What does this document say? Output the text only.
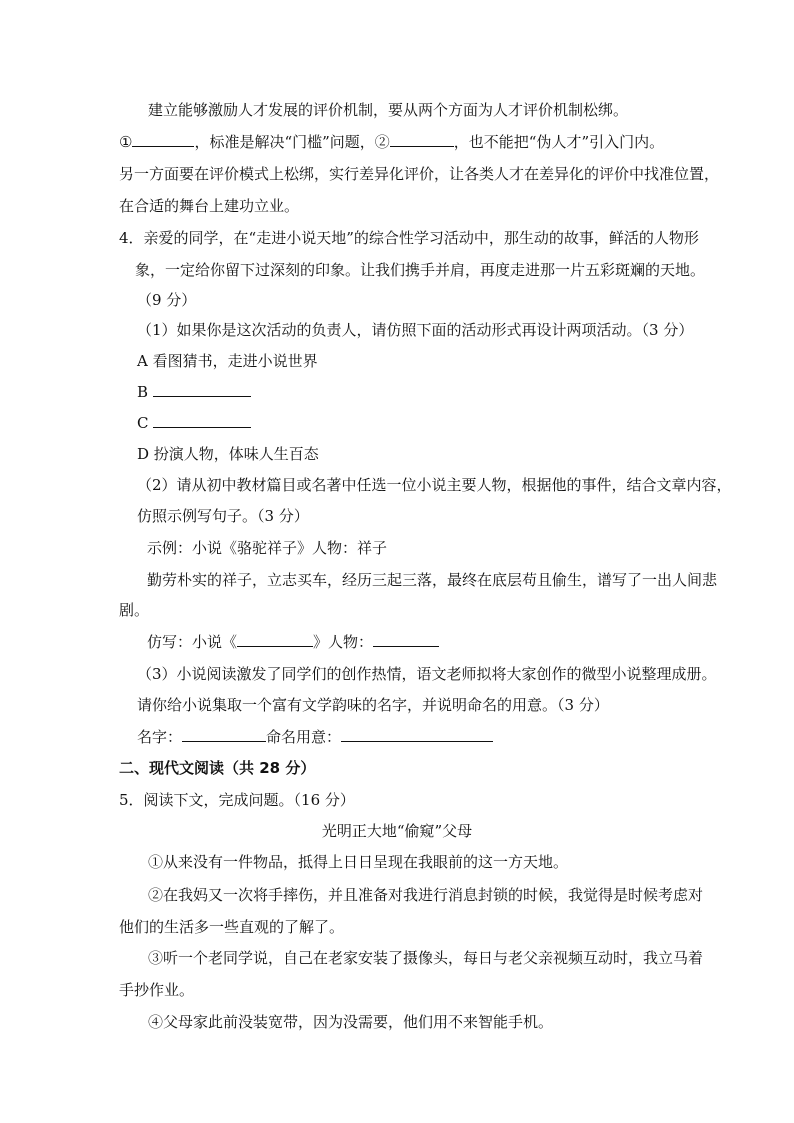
建立能够激励人才发展的评价机制，要从两个方面为人才评价机制松绑。
①	，标准是解决“门槛”问题，②	，也不能把“伪人才”引入门内。
另一方面要在评价模式上松绑，实行差异化评价，让各类人才在差异化的评价中找准位置，
在合适的舞台上建功立业。
4．亲爱的同学，在“走进小说天地”的综合性学习活动中，那生动的故事，鲜活的人物形
象，一定给你留下过深刻的印象。让我们携手并肩，再度走进那一片五彩斑斓的天地。
（9 分）
（1）如果你是这次活动的负责人，请仿照下面的活动形式再设计两项活动。（3 分）
A 看图猜书，走进小说世界
B
C
D 扮演人物，体味人生百态
（2）请从初中教材篇目或名著中任选一位小说主要人物，根据他的事件，结合文章内容，
仿照示例写句子。（3 分）
示例：小说《骆驼祥子》人物：祥子
勤劳朴实的祥子，立志买车，经历三起三落，最终在底层苟且偷生，谱写了一出人间悲
剧。
仿写：小说《	》人物：
（3）小说阅读激发了同学们的创作热情，语文老师拟将大家创作的微型小说整理成册。
请你给小说集取一个富有文学韵味的名字，并说明命名的用意。（3 分）
名字：	命名用意：
二、现代文阅读（共 28 分）
5．阅读下文，完成问题。（16 分）
光明正大地“偷窥”父母
①从来没有一件物品，抵得上日日呈现在我眼前的这一方天地。
②在我妈又一次将手摔伤，并且准备对我进行消息封锁的时候，我觉得是时候考虑对
他们的生活多一些直观的了解了。
③听一个老同学说，自己在老家安装了摄像头，每日与老父亲视频互动时，我立马着
手抄作业。
④父母家此前没装宽带，因为没需要，他们用不来智能手机。
